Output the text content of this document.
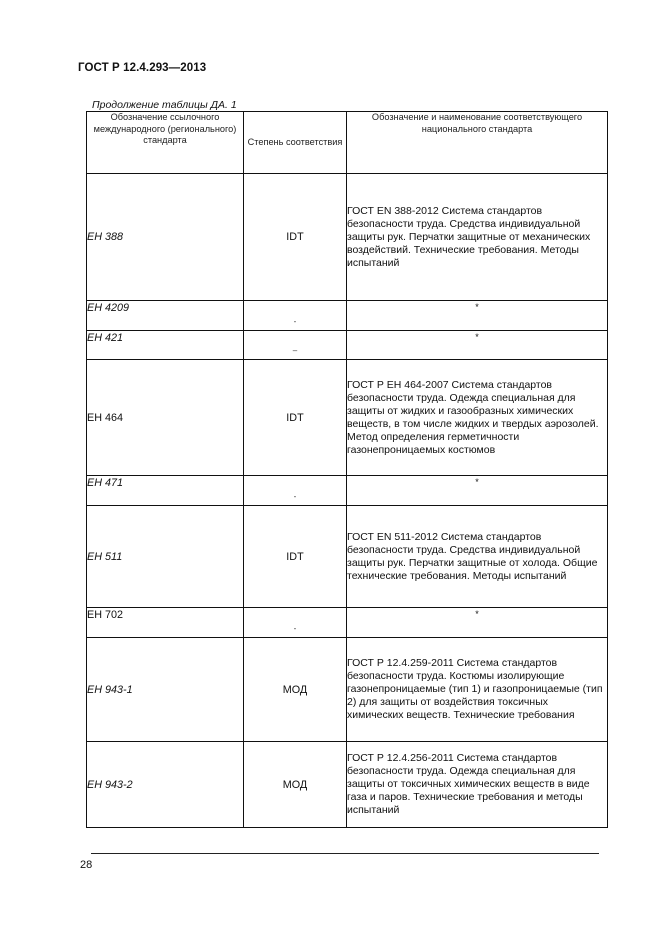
ГОСТ Р 12.4.293—2013
Продолжение таблицы ДА. 1
Обозначение ссылочного международного (регионального) стандарта	Степень соответствия	Обозначение и наименование соответствующего национального стандарта
EH 388	IDT	ГОСТ EN 388-2012 Система стандартов безопасности труда. Средства индивидуальной защиты рук. Перчатки защитные от механических воздействий. Технические требования. Методы испытаний
EH 4209	-	*
EH 421	–	*
EH 464	IDT	ГОСТ Р EH 464-2007 Система стандартов безопасности труда. Одежда специальная для защиты от жидких и газообразных химических веществ, в том числе жидких и твердых аэрозолей. Метод определения герметичности газонепроницаемых костюмов
EH 471	-	*
EH 511	IDT	ГОСТ EN 511-2012 Система стандартов безопасности труда. Средства индивидуальной защиты рук. Перчатки защитные от холода. Общие технические требования. Методы испытаний
EH 702	-	*
EH 943-1	МОД	ГОСТ Р 12.4.259-2011 Система стандартов безопасности труда. Костюмы изолирующие газонепроницаемые (тип 1) и газопроницаемые (тип 2) для защиты от воздействия токсичных химических веществ. Технические требования
EH 943-2	МОД	ГОСТ Р 12.4.256-2011 Система стандартов безопасности труда. Одежда специальная для защиты от токсичных химических веществ в виде газа и паров. Технические требования и методы испытаний
28
